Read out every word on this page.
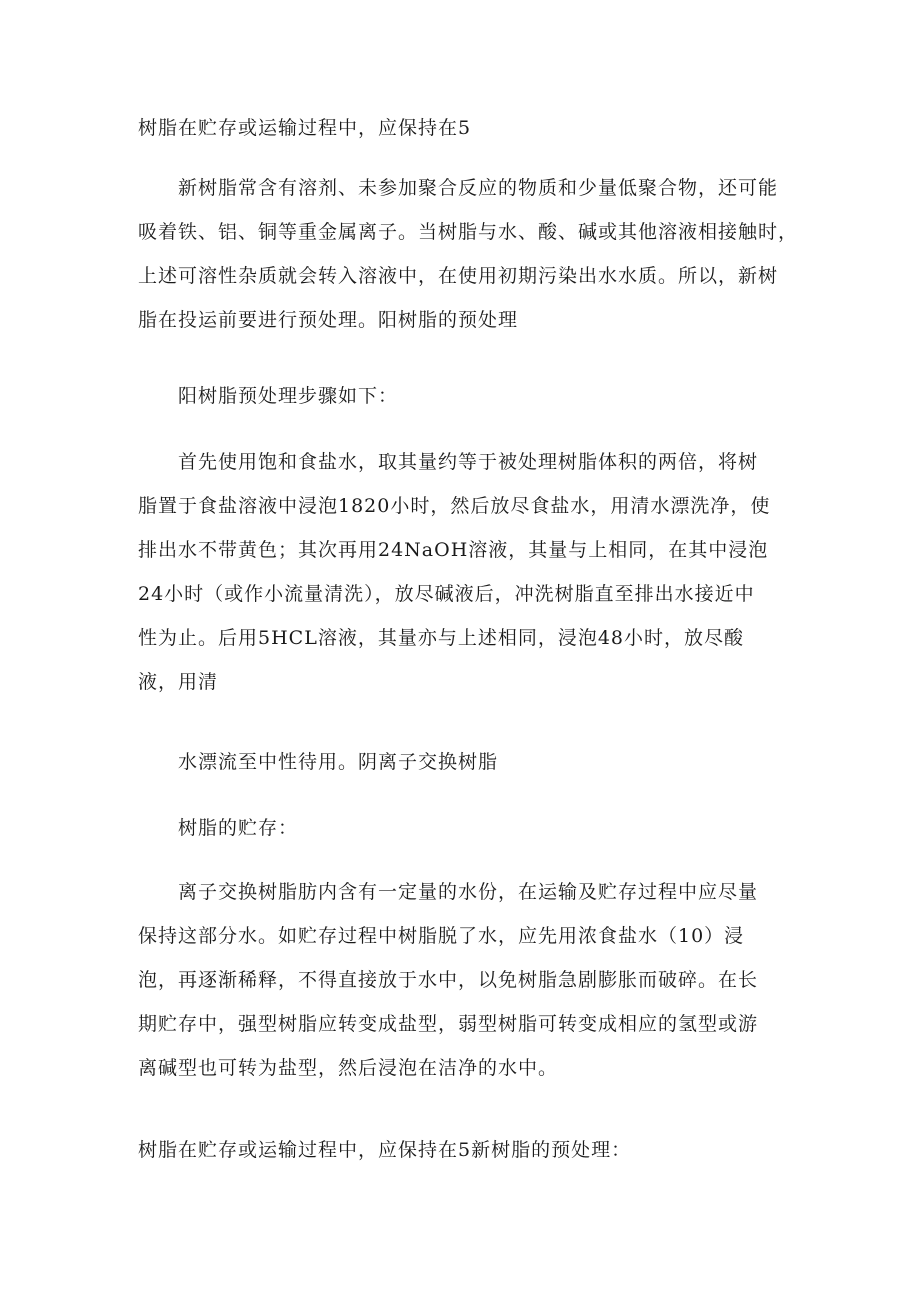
树脂在贮存或运输过程中，应保持在5
新树脂常含有溶剂、未参加聚合反应的物质和少量低聚合物，还可能
吸着铁、铝、铜等重金属离子。当树脂与水、酸、碱或其他溶液相接触时，
上述可溶性杂质就会转入溶液中，在使用初期污染出水水质。所以，新树
脂在投运前要进行预处理。阳树脂的预处理
阳树脂预处理步骤如下：
首先使用饱和食盐水，取其量约等于被处理树脂体积的两倍，将树
脂置于食盐溶液中浸泡1820小时，然后放尽食盐水，用清水漂洗净，使
排出水不带黄色；其次再用24NaOH溶液，其量与上相同，在其中浸泡
24小时（或作小流量清洗），放尽碱液后，冲洗树脂直至排出水接近中
性为止。后用5HCL溶液，其量亦与上述相同，浸泡48小时，放尽酸
液，用清
水漂流至中性待用。阴离子交换树脂
树脂的贮存：
离子交换树脂肪内含有一定量的水份，在运输及贮存过程中应尽量
保持这部分水。如贮存过程中树脂脱了水，应先用浓食盐水（10）浸
泡，再逐渐稀释，不得直接放于水中，以免树脂急剧膨胀而破碎。在长
期贮存中，强型树脂应转变成盐型，弱型树脂可转变成相应的氢型或游
离碱型也可转为盐型，然后浸泡在洁净的水中。
树脂在贮存或运输过程中，应保持在5新树脂的预处理：
